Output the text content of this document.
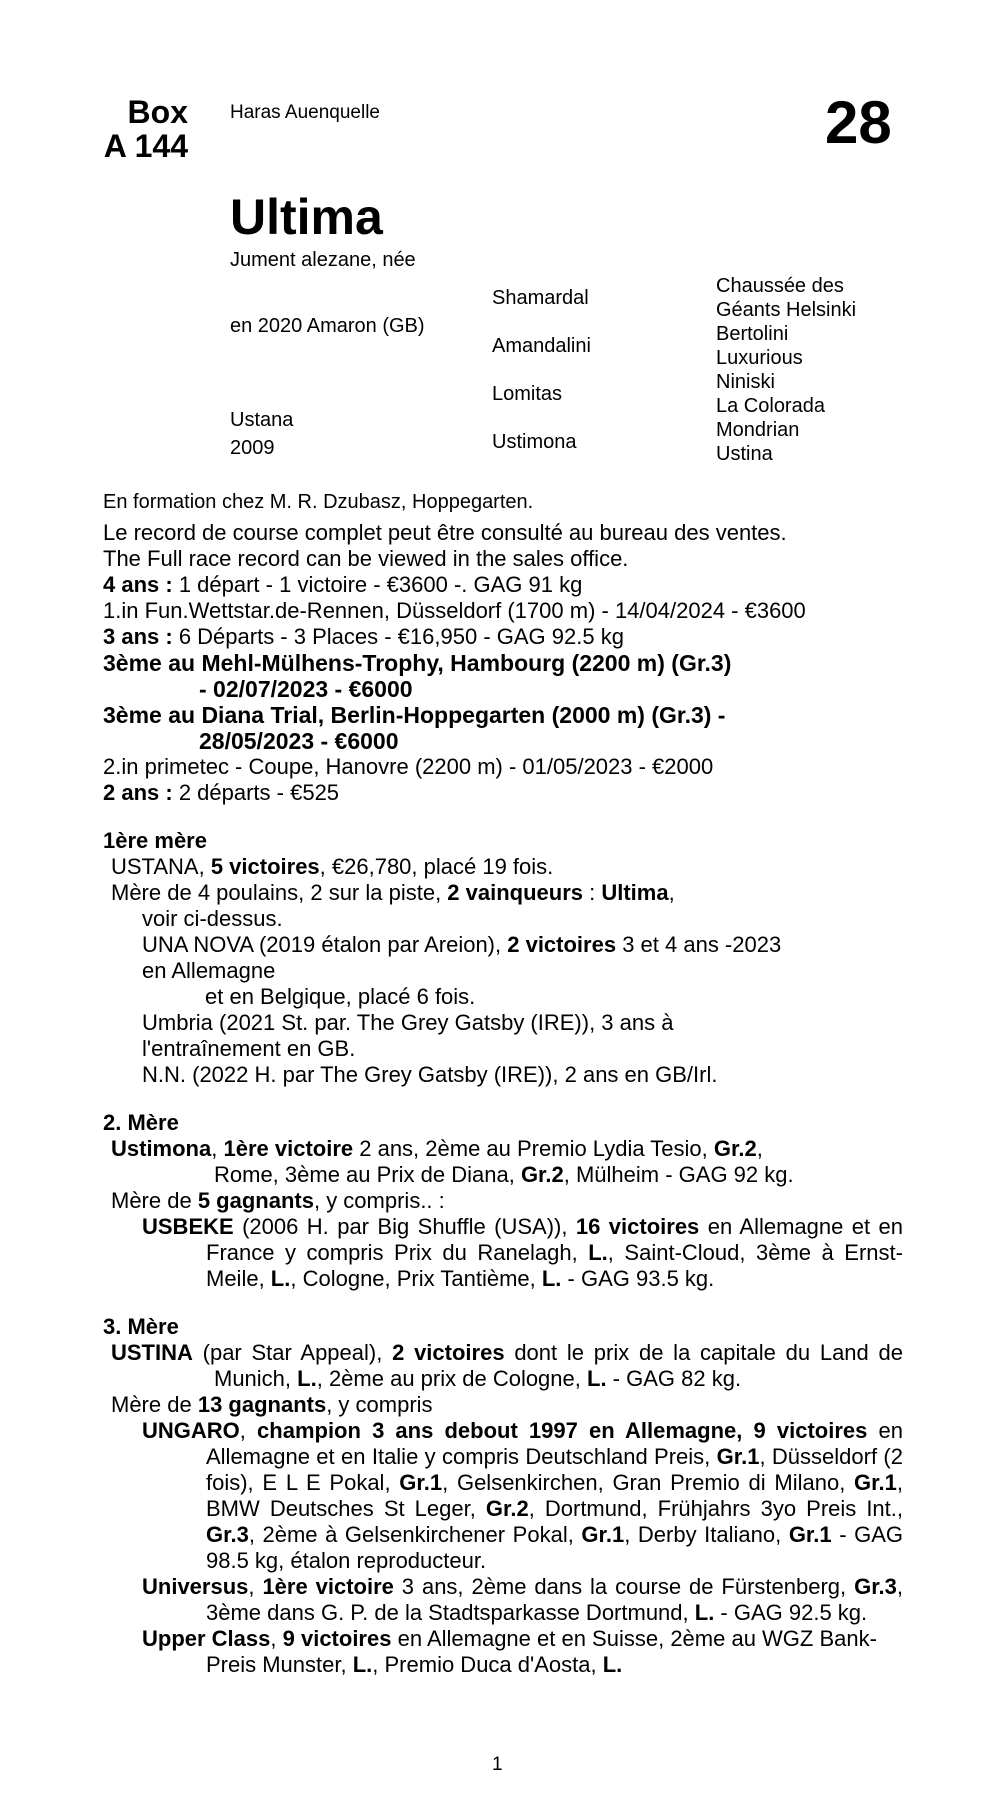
Box
A 144
Haras Auenquelle	28
Ultima
Jument alezane, née
en 2020 Amaron (GB)
Ustana
2009
Shamardal
Amandalini
Lomitas
Ustimona
Chaussée des
Géants Helsinki
Bertolini
Luxurious
Niniski
La Colorada
Mondrian
Ustina

En formation chez M. R. Dzubasz, Hoppegarten.

Le record de course complet peut être consulté au bureau des ventes.

The Full race record can be viewed in the sales office.

4 ans : 1 départ - 1 victoire - €3600 -. GAG 91 kg

1.in Fun.Wettstar.de-Rennen, Düsseldorf (1700 m) - 14/04/2024 - €3600

3 ans : 6 Départs - 3 Places - €16,950 - GAG 92.5 kg

3ème au Mehl-Mülhens-Trophy, Hambourg (2200 m) (Gr.3)

- 02/07/2023 - €6000

3ème au Diana Trial, Berlin-Hoppegarten (2000 m) (Gr.3) -

28/05/2023 - €6000

2.in primetec - Coupe, Hanovre (2200 m) - 01/05/2023 - €2000

2 ans : 2 départs - €525

1ère mère

USTANA, 5 victoires, €26,780, placé 19 fois.

Mère de 4 poulains, 2 sur la piste, 2 vainqueurs : Ultima,

voir ci-dessus.

UNA NOVA (2019 étalon par Areion), 2 victoires 3 et 4 ans -2023

en Allemagne

et en Belgique, placé 6 fois.

Umbria (2021 St. par. The Grey Gatsby (IRE)), 3 ans à

l'entraînement en GB.

N.N. (2022 H. par The Grey Gatsby (IRE)), 2 ans en GB/Irl.

2. Mère

Ustimona, 1ère victoire 2 ans, 2ème au Premio Lydia Tesio, Gr.2,

Rome, 3ème au Prix de Diana, Gr.2, Mülheim - GAG 92 kg.

Mère de 5 gagnants, y compris.. :

USBEKE (2006 H. par Big Shuffle (USA)), 16 victoires en Allemagne et en France y compris Prix du Ranelagh, L., Saint-Cloud, 3ème à Ernst-Meile, L., Cologne, Prix Tantième, L. - GAG 93.5 kg.

3. Mère

USTINA (par Star Appeal), 2 victoires dont le prix de la capitale du Land de Munich, L., 2ème au prix de Cologne, L. - GAG 82 kg.

Mère de 13 gagnants, y compris

UNGARO, champion 3 ans debout 1997 en Allemagne, 9 victoires en Allemagne et en Italie y compris Deutschland Preis, Gr.1, Düsseldorf (2 fois), E L E Pokal, Gr.1, Gelsenkirchen, Gran Premio di Milano, Gr.1, BMW Deutsches St Leger, Gr.2, Dortmund, Frühjahrs 3yo Preis Int., Gr.3, 2ème à Gelsenkirchener Pokal, Gr.1, Derby Italiano, Gr.1 - GAG 98.5 kg, étalon reproducteur.

Universus, 1ère victoire 3 ans, 2ème dans la course de Fürstenberg, Gr.3, 3ème dans G. P. de la Stadtsparkasse Dortmund, L. - GAG 92.5 kg.

Upper Class, 9 victoires en Allemagne et en Suisse, 2ème au WGZ Bank-Preis Munster, L., Premio Duca d'Aosta, L.

1
